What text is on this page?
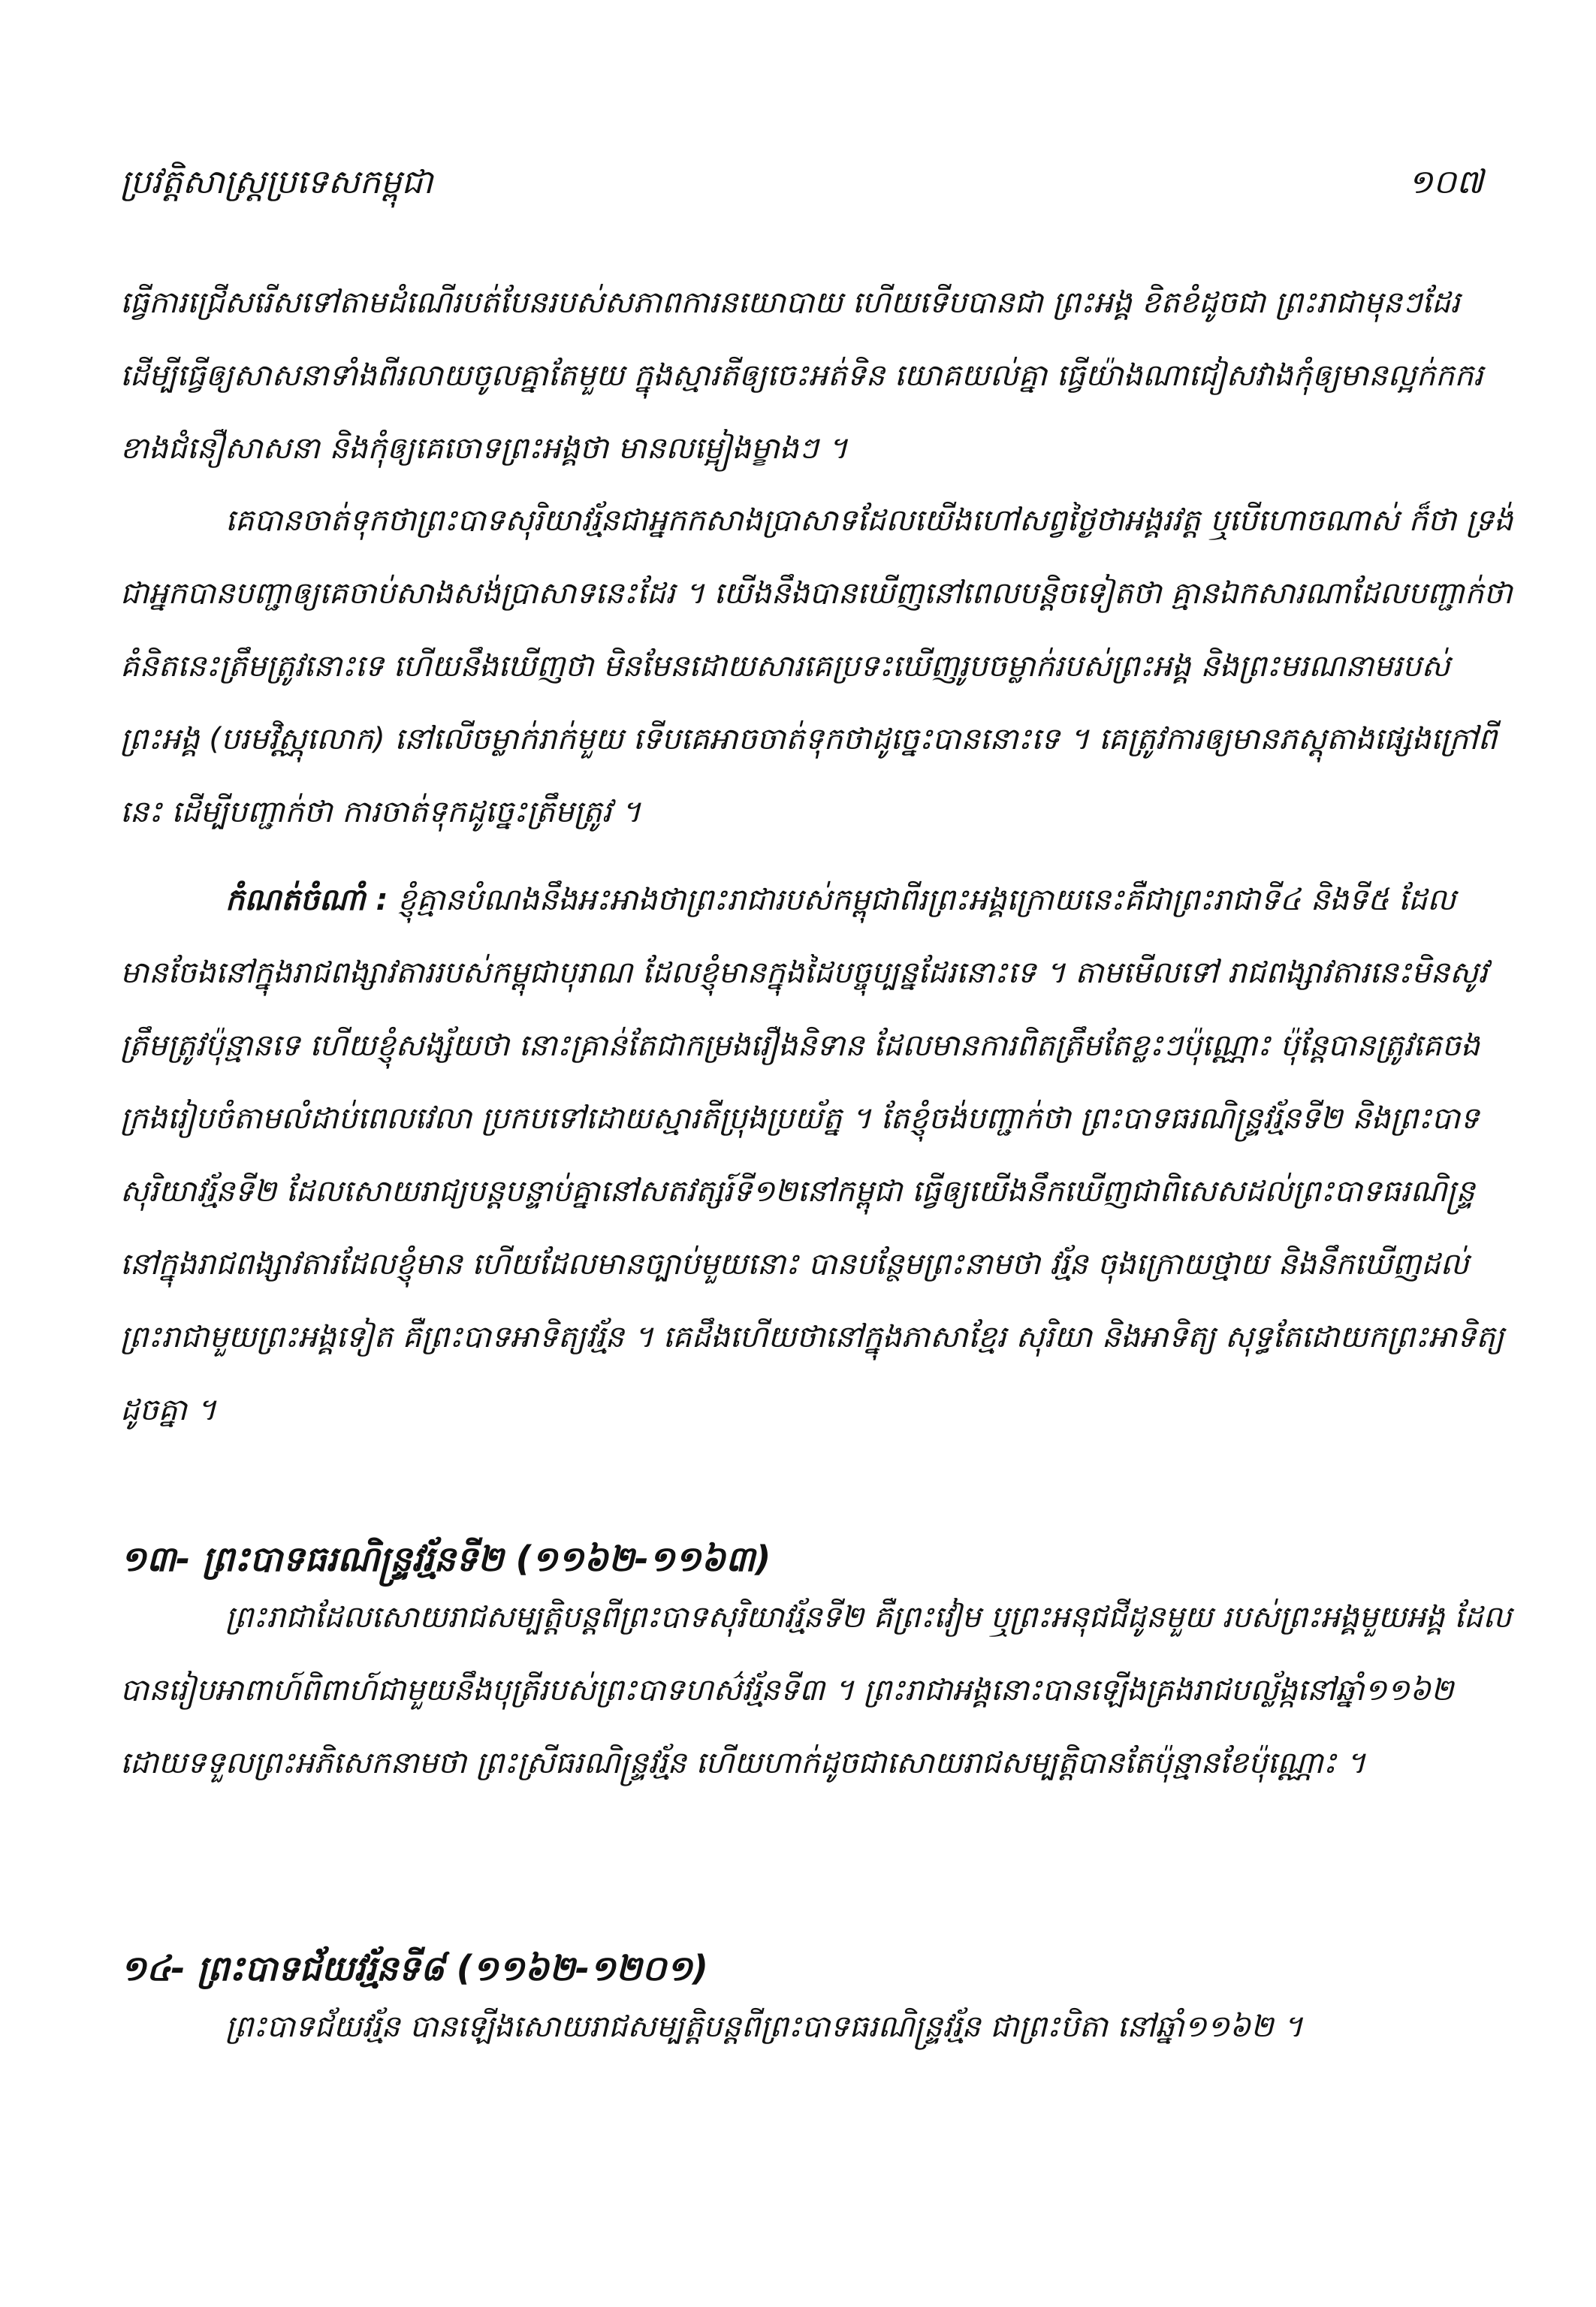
ប្រវត្តិសាស្ត្រប្រទេសកម្ពុជា	១០៧

ធ្វើការជ្រើសរើសទៅតាមដំណើរបត់បែនរបស់សភាពការនយោបាយ ហើយទើបបានជា ព្រះអង្គ ខិតខំដូចជា ព្រះរាជាមុនៗដែរ ដើម្បីធ្វើឲ្យសាសនាទាំងពីរលាយចូលគ្នាតែមួយ ក្នុងស្មារតីឲ្យចេះអត់ទិន យោគយល់គ្នា ធ្វើយ៉ាងណាជៀសវាងកុំឲ្យមានល្អក់កករខាងជំនឿសាសនា និងកុំឲ្យគេចោទព្រះអង្គថា មានលម្អៀងម្ខាងៗ ។

គេបានចាត់ទុកថាព្រះបាទសុរិយាវរ្ម័នជាអ្នកកសាងប្រាសាទដែលយើងហៅសព្វថ្ងៃថាអង្គរវត្ត ឬបើហោចណាស់ ក៏ថា ទ្រង់ជាអ្នកបានបញ្ជាឲ្យគេចាប់សាងសង់ប្រាសាទនេះដែរ ។ យើងនឹងបានឃើញនៅពេលបន្តិចទៀតថា គ្មានឯកសារណាដែលបញ្ជាក់ថា គំនិតនេះត្រឹមត្រូវនោះទេ ហើយនឹងឃើញថា មិនមែនដោយសារគេប្រទះឃើញរូបចម្លាក់របស់ព្រះអង្គ និងព្រះមរណនាមរបស់ព្រះអង្គ (បរមវិស្ណុលោក) នៅលើចម្លាក់រាក់មួយ ទើបគេអាចចាត់ទុកថាដូច្នេះបាននោះទេ ។ គេត្រូវការឲ្យមានភស្តុតាងផ្សេងក្រៅពីនេះ ដើម្បីបញ្ជាក់ថា ការចាត់ទុកដូច្នេះត្រឹមត្រូវ ។

កំណត់ចំណាំ : ខ្ញុំគ្មានបំណងនឹងអះអាងថាព្រះរាជារបស់កម្ពុជាពីរព្រះអង្គក្រោយនេះគឺជាព្រះរាជាទី៤ និងទី៥ ដែលមានចែងនៅក្នុងរាជពង្សាវតាររបស់កម្ពុជាបុរាណ ដែលខ្ញុំមានក្នុងដៃបច្ចុប្បន្នដែរនោះទេ ។ តាមមើលទៅ រាជពង្សាវតារនេះមិនសូវត្រឹមត្រូវប៉ុន្មានទេ ហើយខ្ញុំសង្ស័យថា នោះគ្រាន់តែជាកម្រងរឿងនិទាន ដែលមានការពិតត្រឹមតែខ្លះៗប៉ុណ្ណោះ ប៉ុន្តែបានត្រូវគេចងក្រងរៀបចំតាមលំដាប់ពេលវេលា ប្រកបទៅដោយស្មារតីប្រុងប្រយ័ត្ន ។ តែខ្ញុំចង់បញ្ជាក់ថា ព្រះបាទធរណិន្ទ្រវរ្ម័នទី២ និងព្រះបាទសុរិយាវរ្ម័នទី២ ដែលសោយរាជ្យបន្តបន្ទាប់គ្នានៅសតវត្សរ៍ទី១២នៅកម្ពុជា ធ្វើឲ្យយើងនឹកឃើញជាពិសេសដល់ព្រះបាទធរណិន្ទ្រ នៅក្នុងរាជពង្សាវតារដែលខ្ញុំមាន ហើយដែលមានច្បាប់មួយនោះ បានបន្ថែមព្រះនាមថា វរ្ម័ន ចុងក្រោយថ្មាយ និងនឹកឃើញដល់ព្រះរាជាមួយព្រះអង្គទៀត គឺព្រះបាទអាទិត្យវរ្ម័ន ។ គេដឹងហើយថានៅក្នុងភាសាខ្មែរ សុរិយា និងអាទិត្យ សុទ្ធតែដោយកព្រះអាទិត្យដូចគ្នា ។

១៣- ព្រះបាទធរណិន្ទ្រវរ្ម័នទី២ (១១៦២-១១៦៣)

ព្រះរាជាដែលសោយរាជសម្បត្តិបន្តពីព្រះបាទសុរិយាវរ្ម័នទី២ គឺព្រះវៀម ឬព្រះអនុជជីដូនមួយ របស់ព្រះអង្គមួយអង្គ ដែលបានរៀបអាពាហ៍ពិពាហ៍ជាមួយនឹងបុត្រីរបស់ព្រះបាទហស៌វរ្ម័នទី៣ ។ ព្រះរាជាអង្គនោះបានឡើងគ្រងរាជបល្ល័ង្កនៅឆ្នាំ១១៦២ ដោយទទួលព្រះអភិសេកនាមថា ព្រះស្រីធរណិន្ទ្រវរ្ម័ន ហើយហាក់ដូចជាសោយរាជសម្បត្តិបានតែប៉ុន្មានខែប៉ុណ្ណោះ ។

១៤- ព្រះបាទជ័យវរ្ម័នទី៨ (១១៦២-១២០១)

ព្រះបាទជ័យវរ្ម័ន បានឡើងសោយរាជសម្បត្តិបន្តពីព្រះបាទធរណិន្ទ្រវរ្ម័ន ជាព្រះបិតា នៅឆ្នាំ១១៦២ ។
